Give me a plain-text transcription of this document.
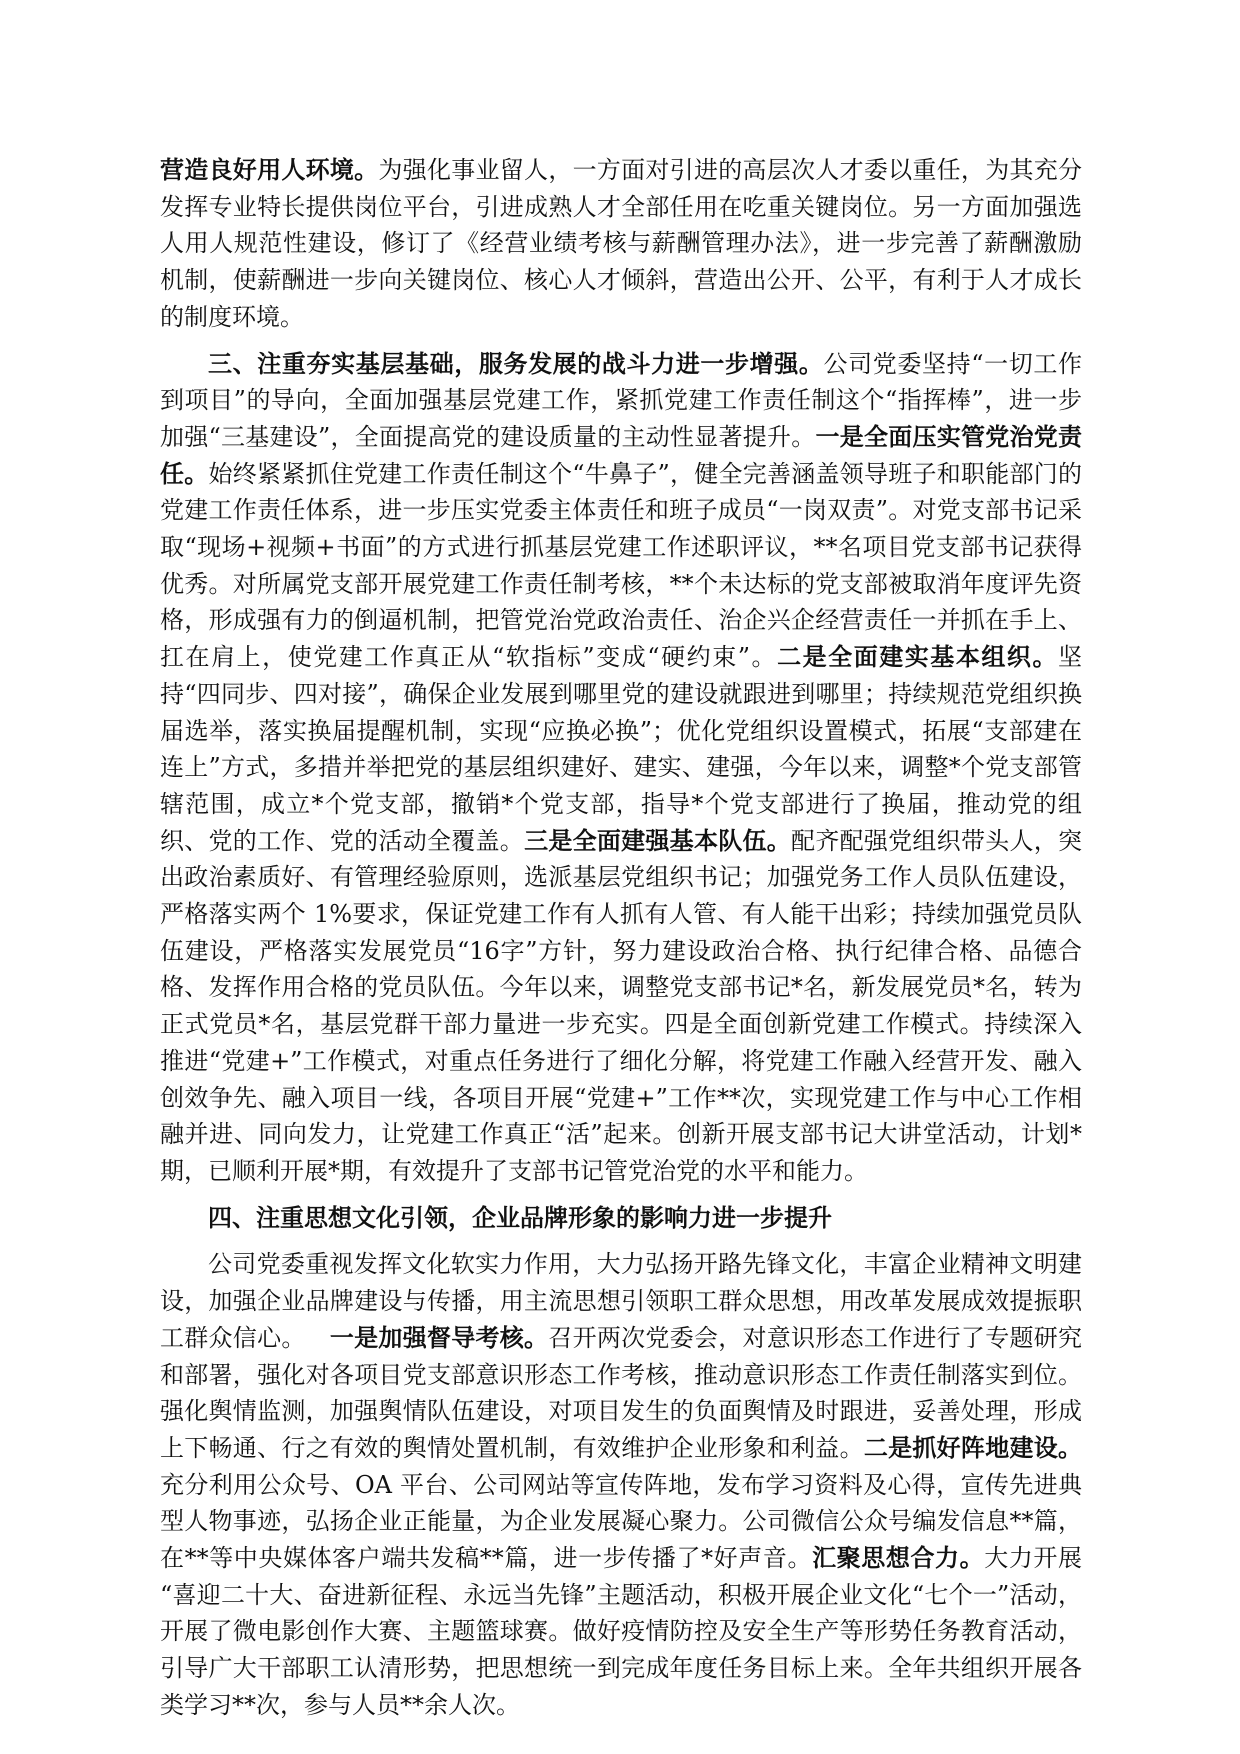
营造良好用人环境。为强化事业留人，一方面对引进的高层次人才委以重任，为其充分发挥专业特长提供岗位平台，引进成熟人才全部任用在吃重关键岗位。另一方面加强选人用人规范性建设，修订了《经营业绩考核与薪酬管理办法》，进一步完善了薪酬激励机制，使薪酬进一步向关键岗位、核心人才倾斜，营造出公开、公平，有利于人才成长的制度环境。

三、注重夯实基层基础，服务发展的战斗力进一步增强。公司党委坚持“一切工作到项目”的导向，全面加强基层党建工作，紧抓党建工作责任制这个“指挥棒”，进一步加强“三基建设”，全面提高党的建设质量的主动性显著提升。一是全面压实管党治党责任。始终紧紧抓住党建工作责任制这个“牛鼻子”，健全完善涵盖领导班子和职能部门的党建工作责任体系，进一步压实党委主体责任和班子成员“一岗双责”。对党支部书记采取“现场+视频+书面”的方式进行抓基层党建工作述职评议，**名项目党支部书记获得优秀。对所属党支部开展党建工作责任制考核，**个未达标的党支部被取消年度评先资格，形成强有力的倒逼机制，把管党治党政治责任、治企兴企经营责任一并抓在手上、扛在肩上，使党建工作真正从“软指标”变成“硬约束”。二是全面建实基本组织。坚持“四同步、四对接”，确保企业发展到哪里党的建设就跟进到哪里；持续规范党组织换届选举，落实换届提醒机制，实现“应换必换”；优化党组织设置模式，拓展“支部建在连上”方式，多措并举把党的基层组织建好、建实、建强，今年以来，调整*个党支部管辖范围，成立*个党支部，撤销*个党支部，指导*个党支部进行了换届，推动党的组织、党的工作、党的活动全覆盖。三是全面建强基本队伍。配齐配强党组织带头人，突出政治素质好、有管理经验原则，选派基层党组织书记；加强党务工作人员队伍建设，严格落实两个 1%要求，保证党建工作有人抓有人管、有人能干出彩；持续加强党员队伍建设，严格落实发展党员“16字”方针，努力建设政治合格、执行纪律合格、品德合格、发挥作用合格的党员队伍。今年以来，调整党支部书记*名，新发展党员*名，转为正式党员*名，基层党群干部力量进一步充实。四是全面创新党建工作模式。持续深入推进“党建+”工作模式，对重点任务进行了细化分解，将党建工作融入经营开发、融入创效争先、融入项目一线，各项目开展“党建+”工作**次，实现党建工作与中心工作相融并进、同向发力，让党建工作真正“活”起来。创新开展支部书记大讲堂活动，计划*期，已顺利开展*期，有效提升了支部书记管党治党的水平和能力。

四、注重思想文化引领，企业品牌形象的影响力进一步提升

公司党委重视发挥文化软实力作用，大力弘扬开路先锋文化，丰富企业精神文明建设，加强企业品牌建设与传播，用主流思想引领职工群众思想，用改革发展成效提振职工群众信心。 一是加强督导考核。召开两次党委会，对意识形态工作进行了专题研究和部署，强化对各项目党支部意识形态工作考核，推动意识形态工作责任制落实到位。强化舆情监测，加强舆情队伍建设，对项目发生的负面舆情及时跟进，妥善处理，形成上下畅通、行之有效的舆情处置机制，有效维护企业形象和利益。二是抓好阵地建设。充分利用公众号、OA 平台、公司网站等宣传阵地，发布学习资料及心得，宣传先进典型人物事迹，弘扬企业正能量，为企业发展凝心聚力。公司微信公众号编发信息**篇，在**等中央媒体客户端共发稿**篇，进一步传播了*好声音。汇聚思想合力。大力开展 “喜迎二十大、奋进新征程、永远当先锋”主题活动，积极开展企业文化“七个一”活动，开展了微电影创作大赛、主题篮球赛。做好疫情防控及安全生产等形势任务教育活动，引导广大干部职工认清形势，把思想统一到完成年度任务目标上来。全年共组织开展各类学习**次，参与人员**余人次。
